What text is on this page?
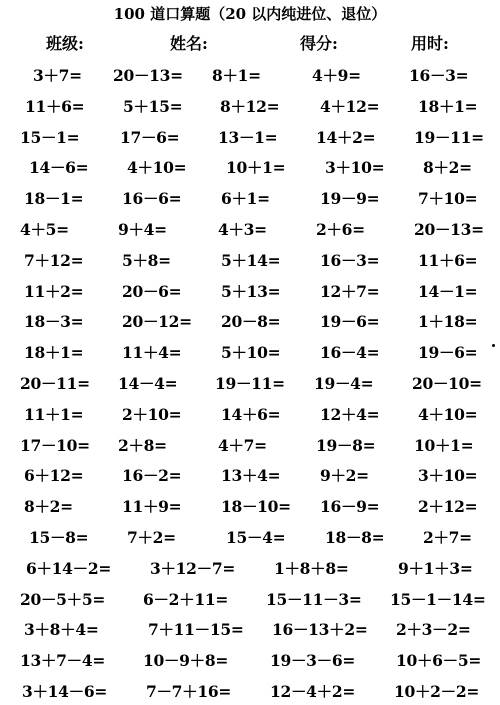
100 道口算题（20 以内纯进位、退位）
班级:	姓名:	得分:	用时:
3＋7= 20－13= 8＋1=	4＋9=	16－3=
11＋6= 5＋15= 8＋12=	4＋12= 18＋1=
15－1=	17－6= 13－1= 14＋2= 19－11=
14－6= 4＋10=	10＋1=	3＋10= 8＋2=
18－1= 16－6=	6＋1=	19－9= 7＋10=
4＋5=	9＋4=	4＋3=	2＋6=	20－13=
7＋12= 5＋8=	5＋14=	16－3= 11＋6=
11＋2= 20－6=	5＋13=	12＋7= 14－1=
18－3= 20－12= 20－8=	19－6= 1＋18=
18＋1= 11＋4=	5＋10=	16－4= 19－6=
20－11= 14－4= 19－11= 19－4= 20－10=
11＋1= 2＋10=	14＋6=	12＋4= 4＋10=
17－10= 2＋8=	4＋7=	19－8= 10＋1=
6＋12= 16－2=	13＋4=	9＋2=	3＋10=
8＋2=	11＋9=	18－10= 16－9= 2＋12=
15－8= 7＋2=	15－4=	18－8= 2＋7=
6＋14－2=	3＋12－7=	1＋8＋8=	9＋1＋3=
20－5＋5= 6－2＋11= 15－11－3= 15－1－14=
3＋8＋4=	7＋11－15= 16－13＋2= 2＋3－2=
13＋7－4= 10－9＋8=	19－3－6=	10＋6－5=
3＋14－6=	7－7＋16=	12－4＋2=	10＋2－2=
